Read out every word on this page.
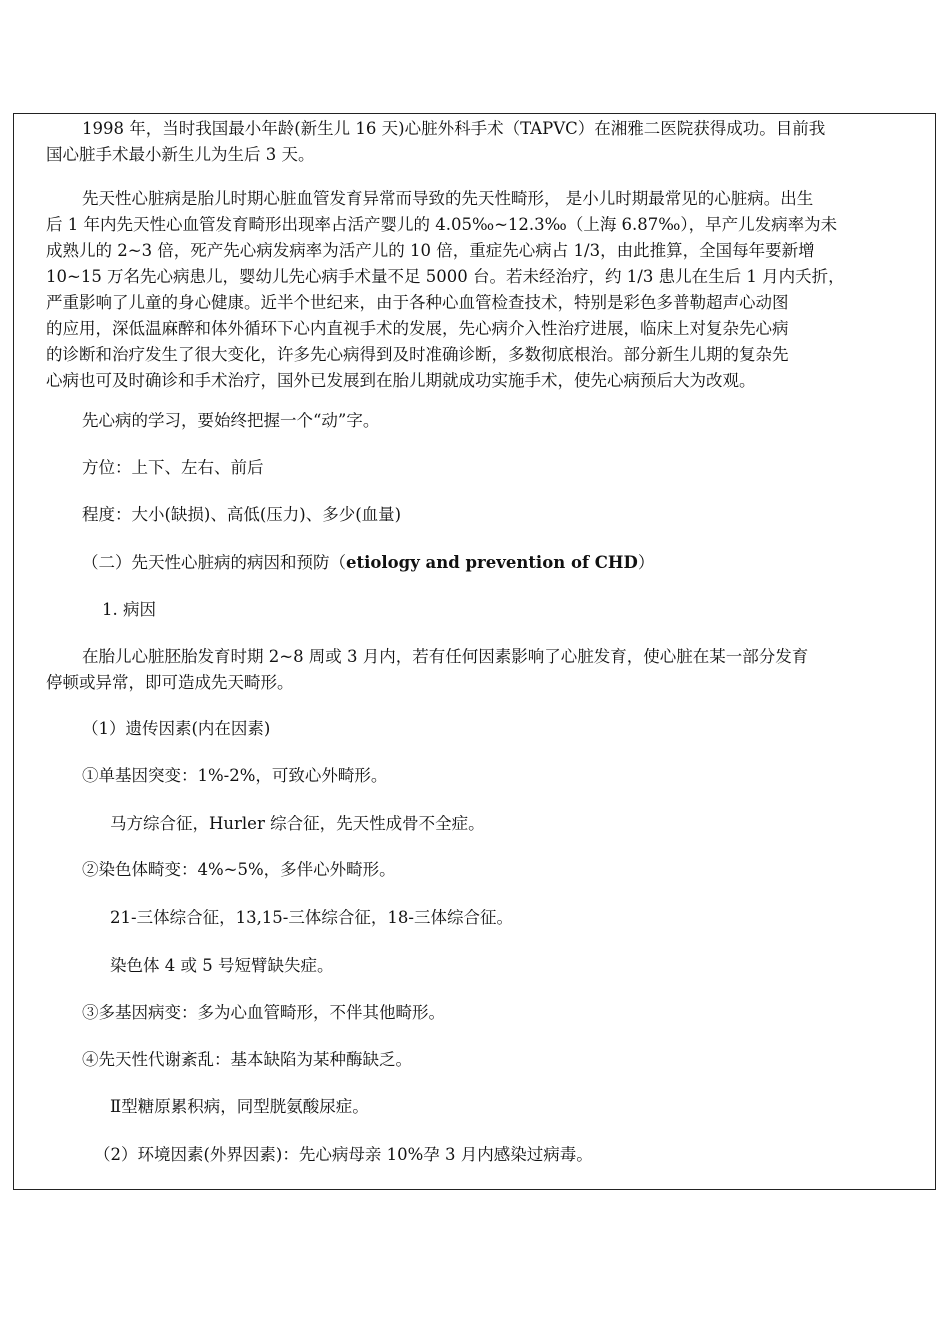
1998 年，当时我国最小年龄(新生儿 16 天)心脏外科手术（TAPVC）在湘雅二医院获得成功。目前我
国心脏手术最小新生儿为生后 3 天。
先天性心脏病是胎儿时期心脏血管发育异常而导致的先天性畸形， 是小儿时期最常见的心脏病。出生
后 1 年内先天性心血管发育畸形出现率占活产婴儿的 4.05‰~12.3‰（上海 6.87‰），早产儿发病率为未
成熟儿的 2~3 倍，死产先心病发病率为活产儿的 10 倍，重症先心病占 1/3，由此推算，全国每年要新增
10~15 万名先心病患儿，婴幼儿先心病手术量不足 5000 台。若未经治疗，约 1/3 患儿在生后 1 月内夭折，
严重影响了儿童的身心健康。近半个世纪来，由于各种心血管检查技术，特别是彩色多普勒超声心动图
的应用，深低温麻醉和体外循环下心内直视手术的发展，先心病介入性治疗进展，临床上对复杂先心病
的诊断和治疗发生了很大变化，许多先心病得到及时准确诊断，多数彻底根治。部分新生儿期的复杂先
心病也可及时确诊和手术治疗，国外已发展到在胎儿期就成功实施手术，使先心病预后大为改观。
先心病的学习，要始终把握一个“动”字。
方位：上下、左右、前后
程度：大小(缺损)、高低(压力)、多少(血量)
（二）先天性心脏病的病因和预防（etiology and prevention of CHD）
1. 病因
在胎儿心脏胚胎发育时期 2~8 周或 3 月内，若有任何因素影响了心脏发育，使心脏在某一部分发育
停顿或异常，即可造成先天畸形。
（1）遗传因素(内在因素)
①单基因突变：1%-2%，可致心外畸形。
马方综合征，Hurler 综合征，先天性成骨不全症。
②染色体畸变：4%~5%，多伴心外畸形。
21-三体综合征，13,15-三体综合征，18-三体综合征。
染色体 4 或 5 号短臂缺失症。
③多基因病变：多为心血管畸形，不伴其他畸形。
④先天性代谢紊乱：基本缺陷为某种酶缺乏。
Ⅱ型糖原累积病，同型胱氨酸尿症。
（2）环境因素(外界因素)：先心病母亲 10%孕 3 月内感染过病毒。
